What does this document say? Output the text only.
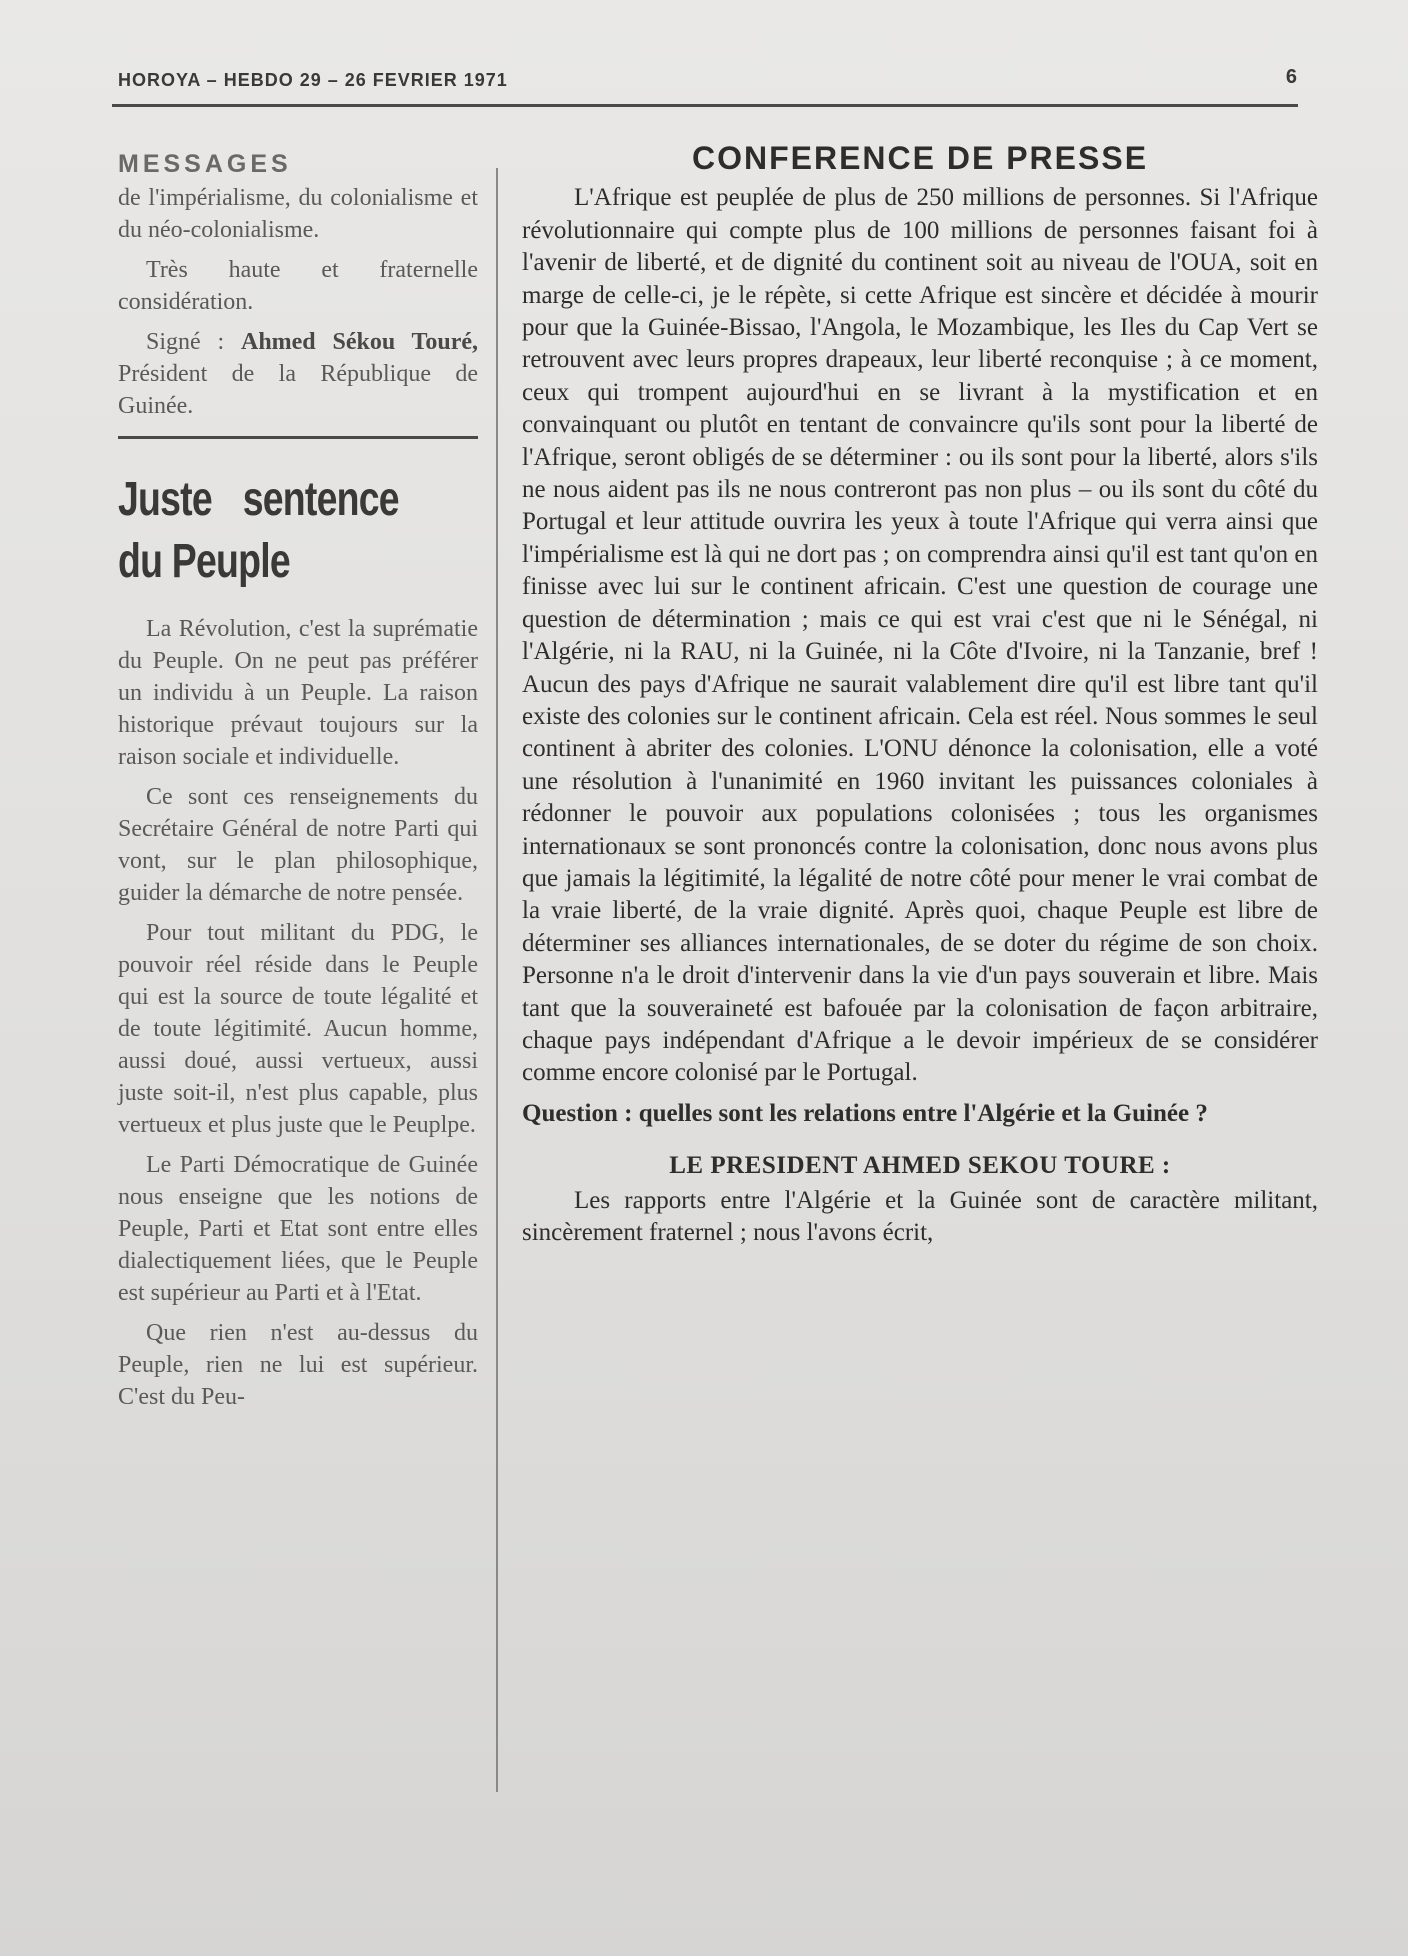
HOROYA – HEBDO 29 – 26 FEVRIER 1971	6
MESSAGES

de l'impérialisme, du colonialisme et du néo-colonialisme.

Très haute et fraternelle considération.

Signé : Ahmed Sékou Touré, Président de la République de Guinée.

Juste sentence du Peuple

La Révolution, c'est la suprématie du Peuple. On ne peut pas préférer un individu à un Peuple. La raison historique prévaut toujours sur la raison sociale et individuelle.

Ce sont ces renseignements du Secrétaire Général de notre Parti qui vont, sur le plan philosophique, guider la démarche de notre pensée.

Pour tout militant du PDG, le pouvoir réel réside dans le Peuple qui est la source de toute légalité et de toute légitimité. Aucun homme, aussi doué, aussi vertueux, aussi juste soit-il, n'est plus capable, plus vertueux et plus juste que le Peuplpe.

Le Parti Démocratique de Guinée nous enseigne que les notions de Peuple, Parti et Etat sont entre elles dialectiquement liées, que le Peuple est supérieur au Parti et à l'Etat.

Que rien n'est au-dessus du Peuple, rien ne lui est supérieur. C'est du Peu-

CONFERENCE DE PRESSE

L'Afrique est peuplée de plus de 250 millions de personnes. Si l'Afrique révolutionnaire qui compte plus de 100 millions de personnes faisant foi à l'avenir de liberté, et de dignité du continent soit au niveau de l'OUA, soit en marge de celle-ci, je le répète, si cette Afrique est sincère et décidée à mourir pour que la Guinée-Bissao, l'Angola, le Mozambique, les Iles du Cap Vert se retrouvent avec leurs propres drapeaux, leur liberté reconquise ; à ce moment, ceux qui trompent aujourd'hui en se livrant à la mystification et en convainquant ou plutôt en tentant de convaincre qu'ils sont pour la liberté de l'Afrique, seront obligés de se déterminer : ou ils sont pour la liberté, alors s'ils ne nous aident pas ils ne nous contreront pas non plus – ou ils sont du côté du Portugal et leur attitude ouvrira les yeux à toute l'Afrique qui verra ainsi que l'impérialisme est là qui ne dort pas ; on comprendra ainsi qu'il est tant qu'on en finisse avec lui sur le continent africain. C'est une question de courage une question de détermination ; mais ce qui est vrai c'est que ni le Sénégal, ni l'Algérie, ni la RAU, ni la Guinée, ni la Côte d'Ivoire, ni la Tanzanie, bref ! Aucun des pays d'Afrique ne saurait valablement dire qu'il est libre tant qu'il existe des colonies sur le continent africain. Cela est réel. Nous sommes le seul continent à abriter des colonies. L'ONU dénonce la colonisation, elle a voté une résolution à l'unanimité en 1960 invitant les puissances coloniales à rédonner le pouvoir aux populations colonisées ; tous les organismes internationaux se sont prononcés contre la colonisation, donc nous avons plus que jamais la légitimité, la légalité de notre côté pour mener le vrai combat de la vraie liberté, de la vraie dignité. Après quoi, chaque Peuple est libre de déterminer ses alliances internationales, de se doter du régime de son choix. Personne n'a le droit d'intervenir dans la vie d'un pays souverain et libre. Mais tant que la souveraineté est bafouée par la colonisation de façon arbitraire, chaque pays indépendant d'Afrique a le devoir impérieux de se considérer comme encore colonisé par le Portugal.

Question : quelles sont les relations entre l'Algérie et la Guinée ?

LE PRESIDENT AHMED SEKOU TOURE :

Les rapports entre l'Algérie et la Guinée sont de caractère militant, sincèrement fraternel ; nous l'avons écrit,
